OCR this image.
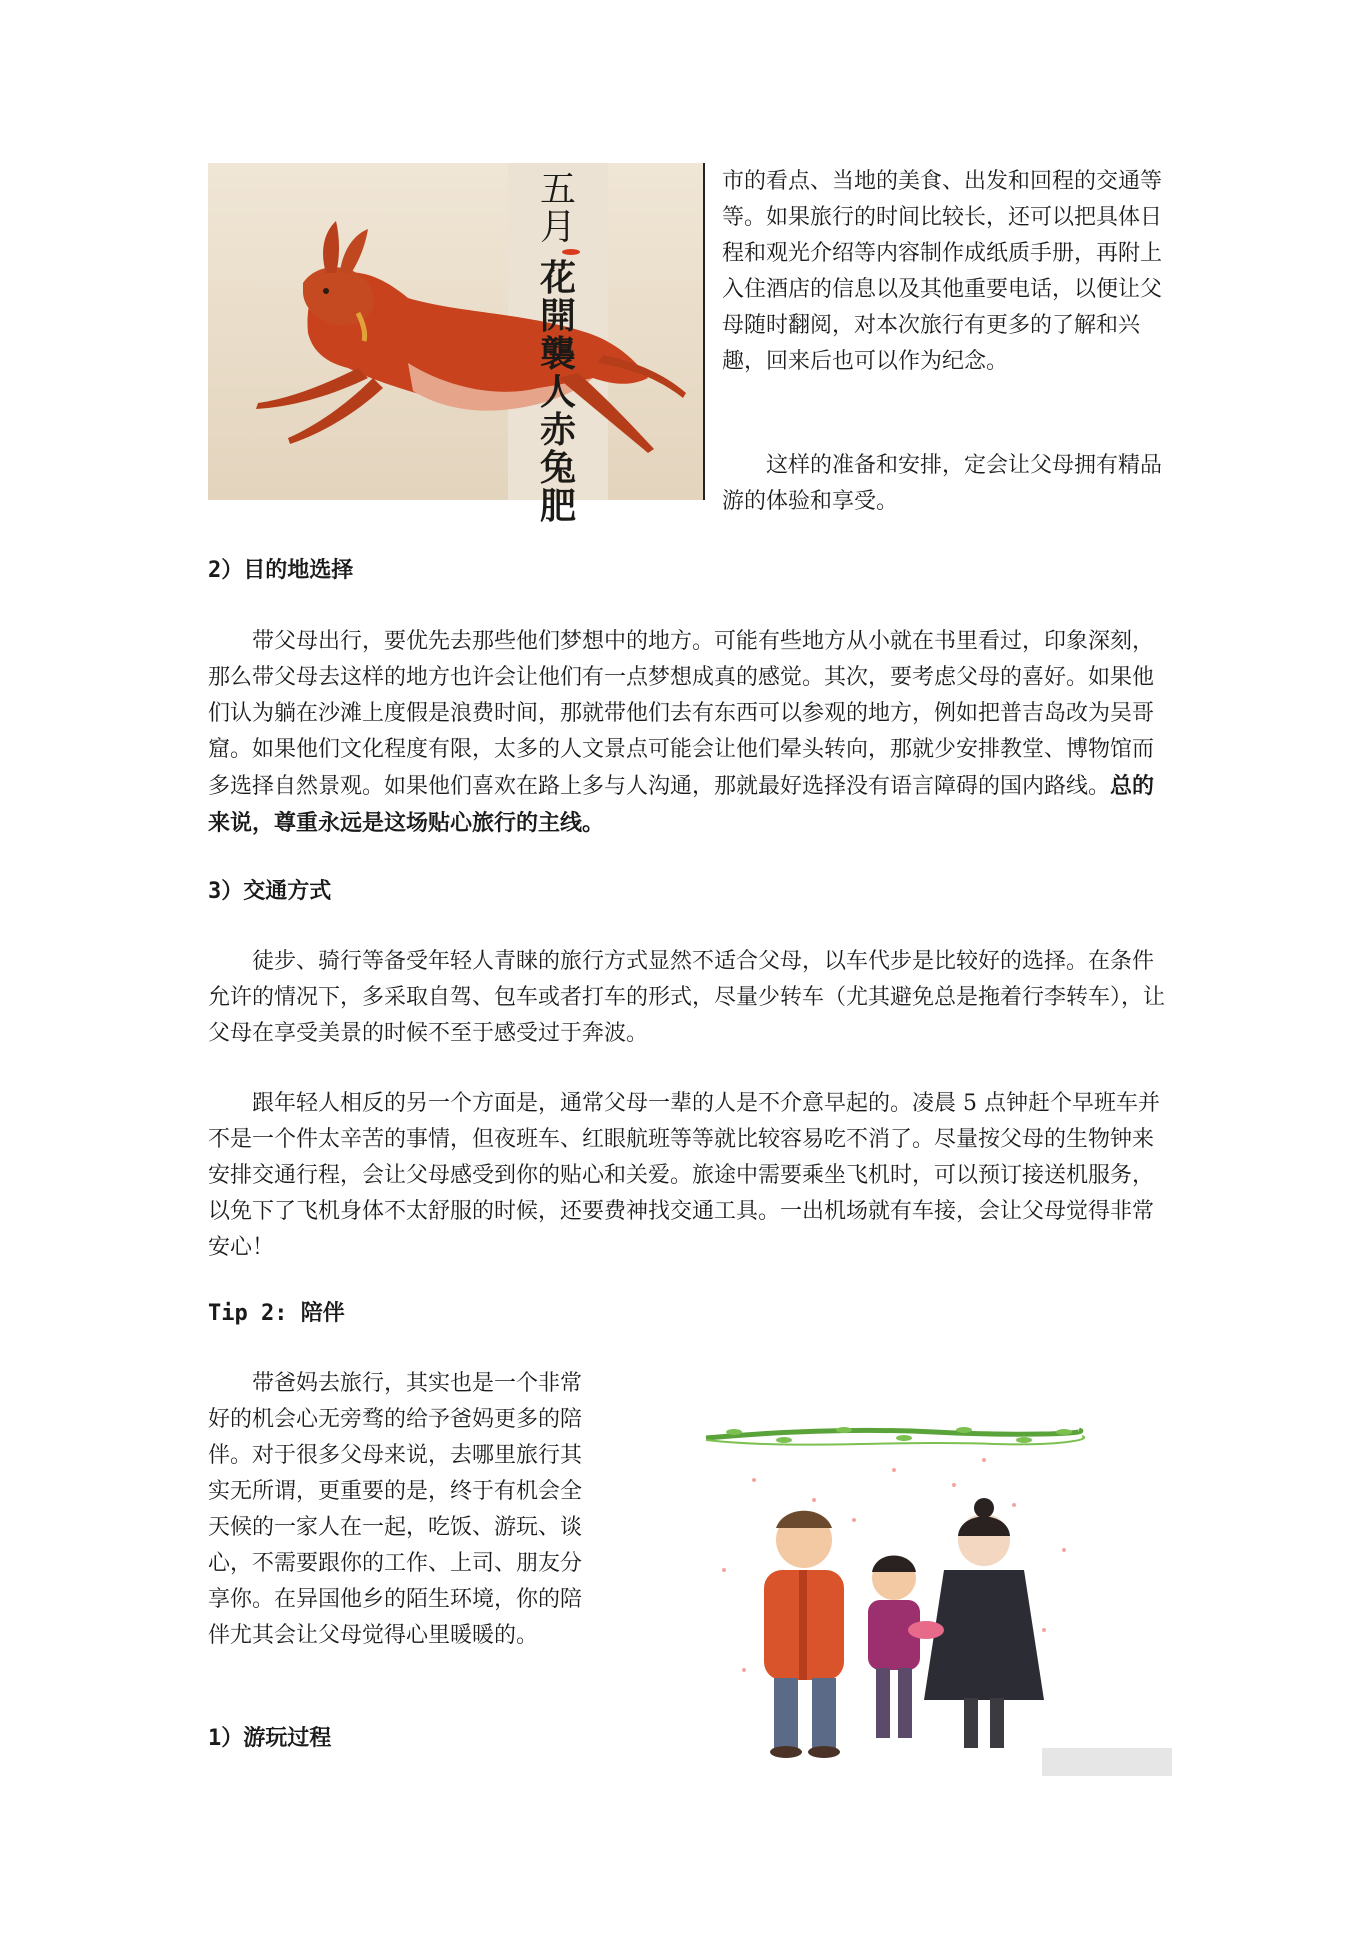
五
月
花
開
襲
人
赤
兔
肥

市的看点、当地的美食、出发和回程的交通等等。如果旅行的时间比较长，还可以把具体日程和观光介绍等内容制作成纸质手册，再附上入住酒店的信息以及其他重要电话，以便让父母随时翻阅，对本次旅行有更多的了解和兴趣，回来后也可以作为纪念。

这样的准备和安排，定会让父母拥有精品游的体验和享受。

2）目的地选择

带父母出行，要优先去那些他们梦想中的地方。可能有些地方从小就在书里看过，印象深刻，那么带父母去这样的地方也许会让他们有一点梦想成真的感觉。其次，要考虑父母的喜好。如果他们认为躺在沙滩上度假是浪费时间，那就带他们去有东西可以参观的地方，例如把普吉岛改为吴哥窟。如果他们文化程度有限，太多的人文景点可能会让他们晕头转向，那就少安排教堂、博物馆而多选择自然景观。如果他们喜欢在路上多与人沟通，那就最好选择没有语言障碍的国内路线。总的来说，尊重永远是这场贴心旅行的主线。

3）交通方式

徒步、骑行等备受年轻人青睐的旅行方式显然不适合父母，以车代步是比较好的选择。在条件允许的情况下，多采取自驾、包车或者打车的形式，尽量少转车（尤其避免总是拖着行李转车），让父母在享受美景的时候不至于感受过于奔波。

跟年轻人相反的另一个方面是，通常父母一辈的人是不介意早起的。凌晨 5 点钟赶个早班车并不是一个件太辛苦的事情，但夜班车、红眼航班等等就比较容易吃不消了。尽量按父母的生物钟来安排交通行程，会让父母感受到你的贴心和关爱。旅途中需要乘坐飞机时，可以预订接送机服务，以免下了飞机身体不太舒服的时候，还要费神找交通工具。一出机场就有车接，会让父母觉得非常安心！

Tip 2: 陪伴

带爸妈去旅行，其实也是一个非常好的机会心无旁骛的给予爸妈更多的陪伴。对于很多父母来说，去哪里旅行其实无所谓，更重要的是，终于有机会全天候的一家人在一起，吃饭、游玩、谈心，不需要跟你的工作、上司、朋友分享你。在异国他乡的陌生环境，你的陪伴尤其会让父母觉得心里暖暖的。

1）游玩过程
